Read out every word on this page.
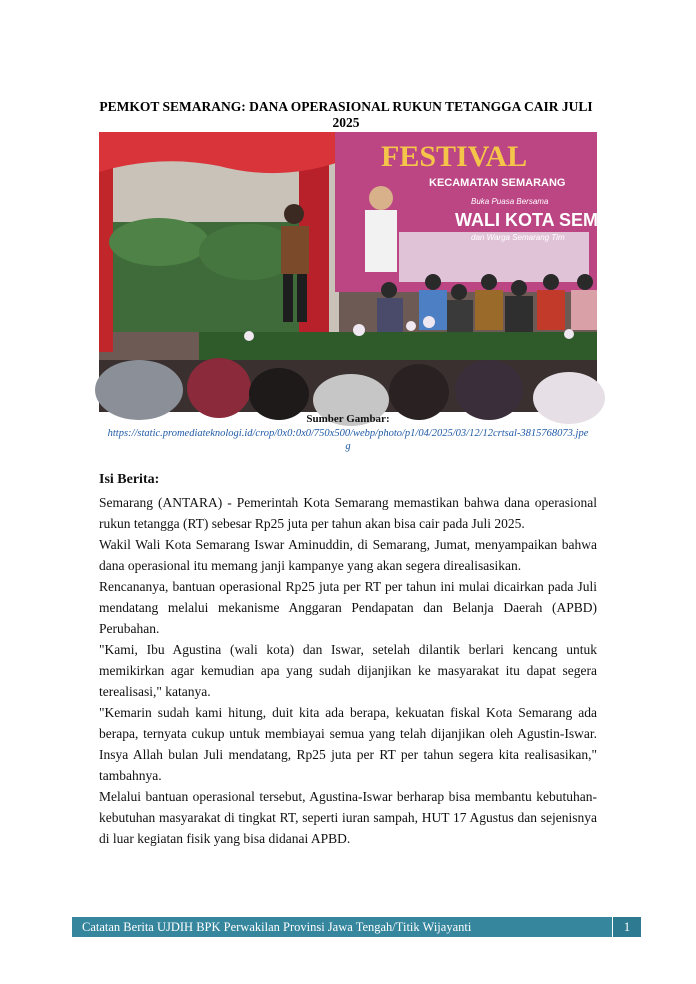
PEMKOT SEMARANG: DANA OPERASIONAL RUKUN TETANGGA CAIR JULI 2025
FESTIVAL
KECAMATAN SEMARANG
Buka Puasa Bersama
WALI KOTA SEMAR
dan Warga Semarang Tim
Sumber Gambar:
https://static.promediateknologi.id/crop/0x0:0x0/750x500/webp/photo/p1/04/2025/03/12/12crtsal-3815768073.jpeg
Isi Berita:

Semarang (ANTARA) - Pemerintah Kota Semarang memastikan bahwa dana operasional rukun tetangga (RT) sebesar Rp25 juta per tahun akan bisa cair pada Juli 2025.

Wakil Wali Kota Semarang Iswar Aminuddin, di Semarang, Jumat, menyampaikan bahwa dana operasional itu memang janji kampanye yang akan segera direalisasikan.

Rencananya, bantuan operasional Rp25 juta per RT per tahun ini mulai dicairkan pada Juli mendatang melalui mekanisme Anggaran Pendapatan dan Belanja Daerah (APBD) Perubahan.

"Kami, Ibu Agustina (wali kota) dan Iswar, setelah dilantik berlari kencang untuk memikirkan agar kemudian apa yang sudah dijanjikan ke masyarakat itu dapat segera terealisasi," katanya.

"Kemarin sudah kami hitung, duit kita ada berapa, kekuatan fiskal Kota Semarang ada berapa, ternyata cukup untuk membiayai semua yang telah dijanjikan oleh Agustin-Iswar. Insya Allah bulan Juli mendatang, Rp25 juta per RT per tahun segera kita realisasikan," tambahnya.

Melalui bantuan operasional tersebut, Agustina-Iswar berharap bisa membantu kebutuhan-kebutuhan masyarakat di tingkat RT, seperti iuran sampah, HUT 17 Agustus dan sejenisnya di luar kegiatan fisik yang bisa didanai APBD.

Catatan Berita UJDIH BPK Perwakilan Provinsi Jawa Tengah/Titik Wijayanti	1
